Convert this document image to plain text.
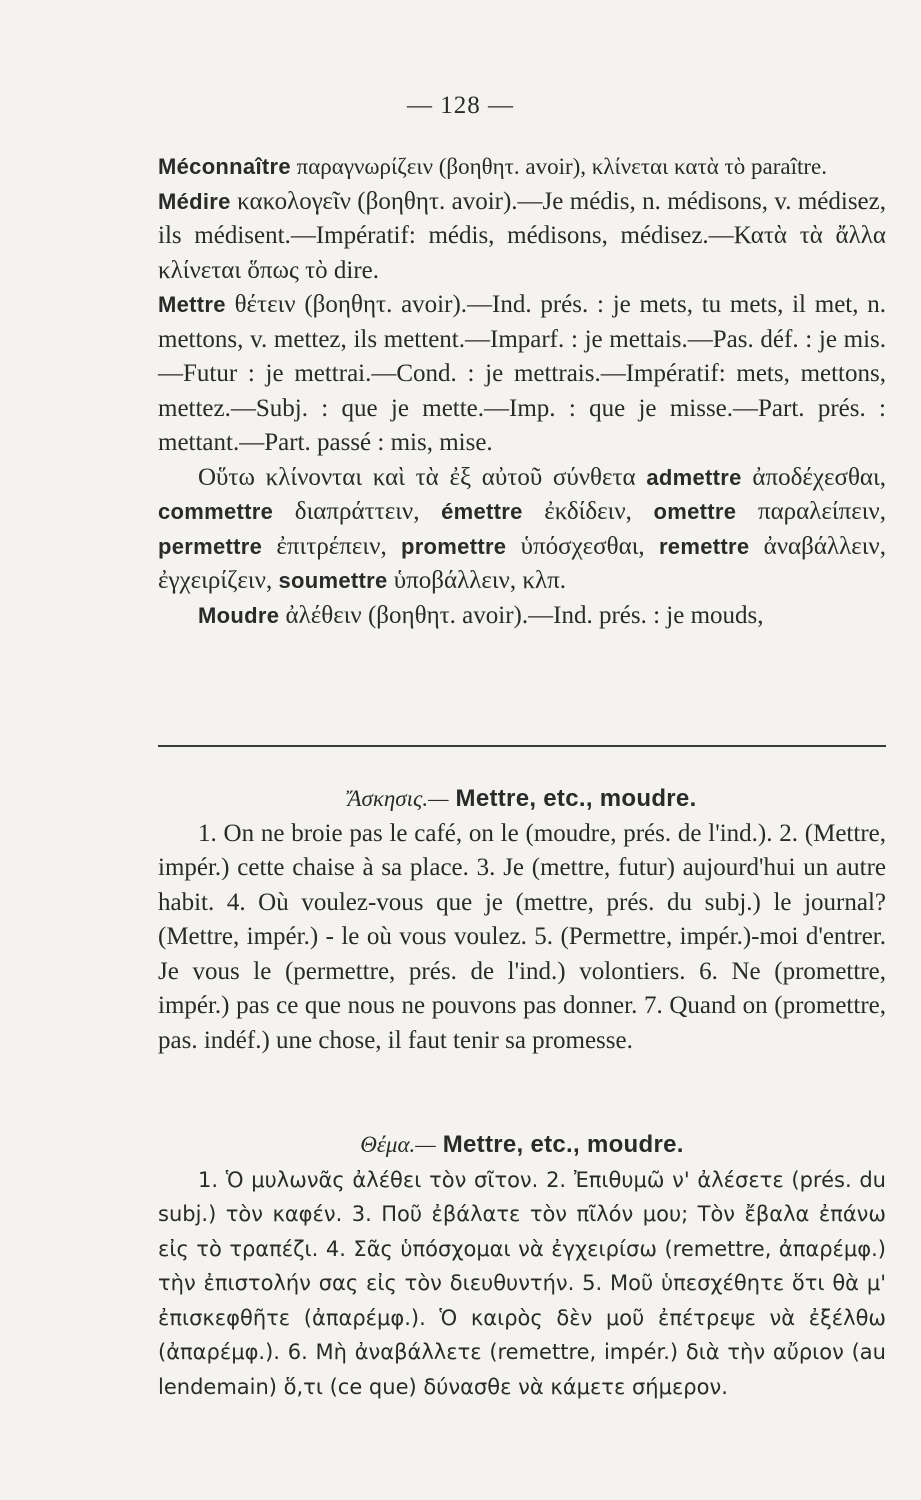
— 128 —

Méconnaître παραγνωρίζειν (βοηθητ. avoir), κλίνεται κατὰ τὸ paraître.

Médire κακολογεῖν (βοηθητ. avoir).—Je médis, n. médisons, v. médisez, ils médisent.—Impératif: médis, médisons, médisez.—Κατὰ τὰ ἄλλα κλίνεται ὅπως τὸ dire.

Mettre θέτειν (βοηθητ. avoir).—Ind. prés. : je mets, tu mets, il met, n. mettons, v. mettez, ils mettent.—Imparf. : je mettais.—Pas. déf. : je mis.—Futur : je mettrai.—Cond. : je mettrais.—Impératif: mets, mettons, mettez.—Subj. : que je mette.—Imp. : que je misse.—Part. prés. : mettant.—Part. passé : mis, mise.

Οὕτω κλίνονται καὶ τὰ ἐξ αὐτοῦ σύνθετα admettre ἀποδέχεσθαι, commettre διαπράττειν, émettre ἐκδίδειν, omettre παραλείπειν, permettre ἐπιτρέπειν, promettre ὑπόσχεσθαι, remettre ἀναβάλλειν, ἐγχειρίζειν, soumettre ὑποβάλλειν, κλπ.

Moudre ἀλέθειν (βοηθητ. avoir).—Ind. prés. : je mouds,

Ἄσκησις.— Mettre, etc., moudre.

1. On ne broie pas le café, on le (moudre, prés. de l'ind.). 2. (Mettre, impér.) cette chaise à sa place. 3. Je (mettre, futur) aujourd'hui un autre habit. 4. Où voulez-vous que je (mettre, prés. du subj.) le journal? (Mettre, impér.) - le où vous voulez. 5. (Permettre, impér.)-moi d'entrer. Je vous le (permettre, prés. de l'ind.) volontiers. 6. Ne (promettre, impér.) pas ce que nous ne pouvons pas donner. 7. Quand on (promettre, pas. indéf.) une chose, il faut tenir sa promesse.

Θέμα.— Mettre, etc., moudre.

1. Ὁ μυλωνᾶς ἀλέθει τὸν σῖτον. 2. Ἐπιθυμῶ ν' ἀλέσετε (prés. du subj.) τὸν καφέν. 3. Ποῦ ἐβάλατε τὸν πῖλόν μου; Τὸν ἔβαλα ἐπάνω εἰς τὸ τραπέζι. 4. Σᾶς ὑπόσχομαι νὰ ἐγχειρίσω (remettre, ἀπαρέμφ.) τὴν ἐπιστολήν σας εἰς τὸν διευθυντήν. 5. Μοῦ ὑπεσχέθητε ὅτι θὰ μ' ἐπισκεφθῆτε (ἀπαρέμφ.). Ὁ καιρὸς δὲν μοῦ ἐπέτρεψε νὰ ἐξέλθω (ἀπαρέμφ.). 6. Μὴ ἀναβάλλετε (remettre, impér.) διὰ τὴν αὔριον (au lendemain) ὅ,τι (ce que) δύνασθε νὰ κάμετε σήμερον.
